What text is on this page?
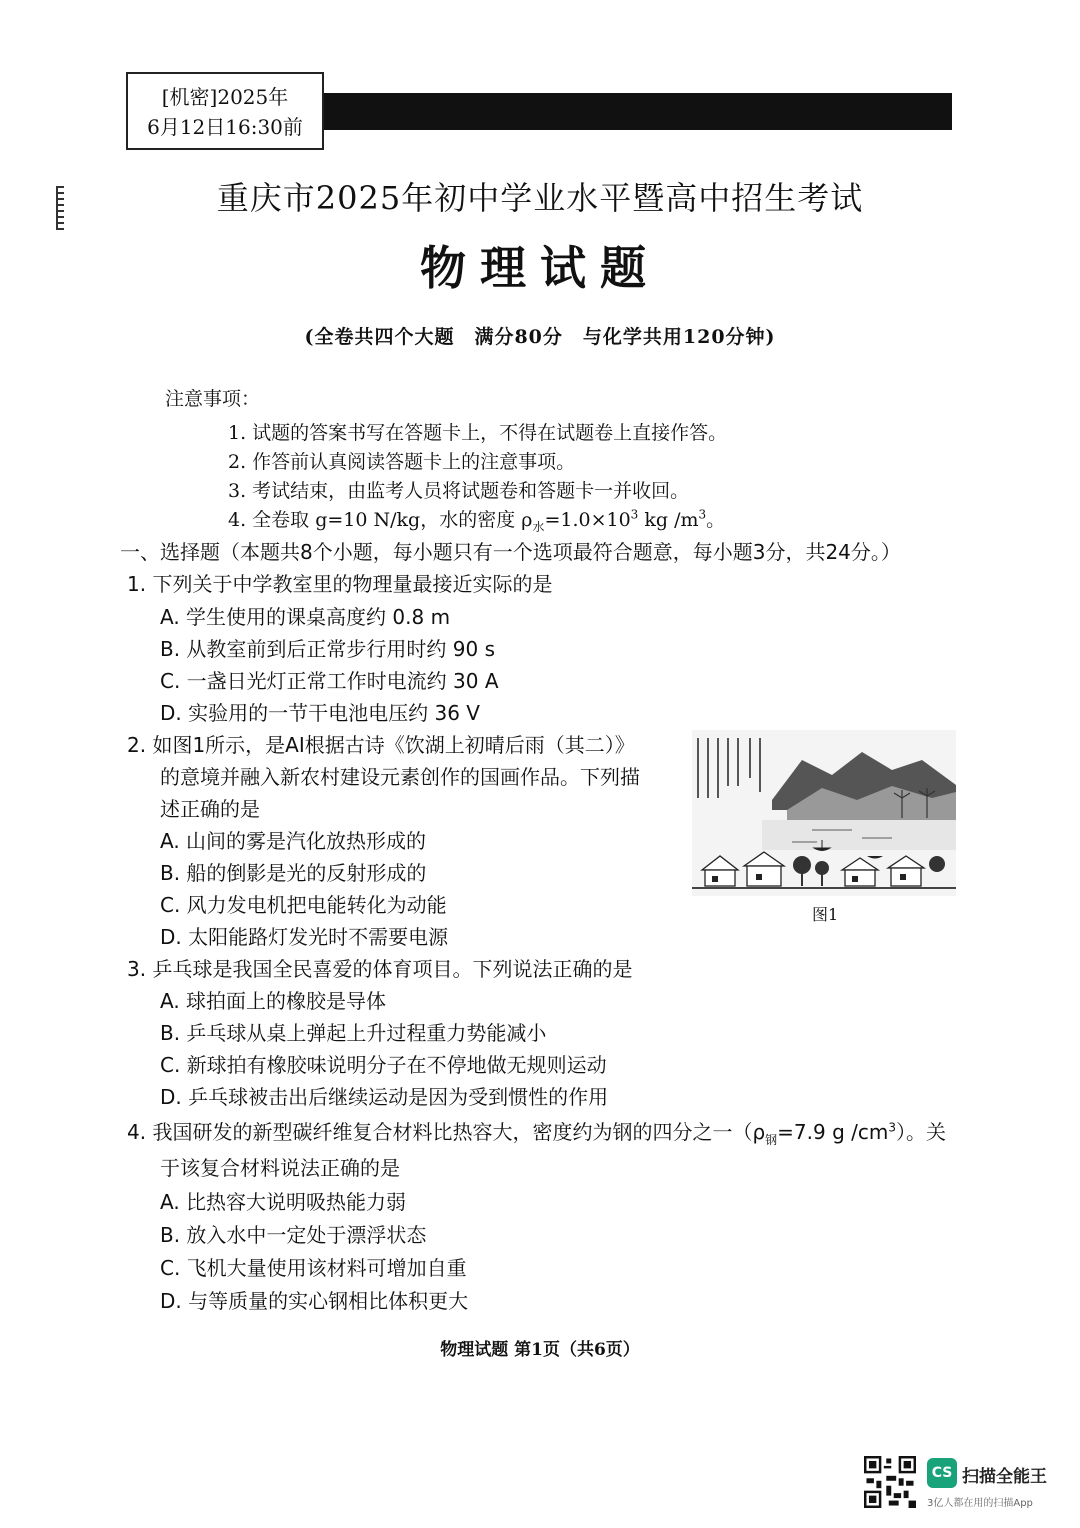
[机密]2025年
6月12日16:30前
重庆市2025年初中学业水平暨高中招生考试
物理试题
(全卷共四个大题　满分80分　与化学共用120分钟)
注意事项：
1. 试题的答案书写在答题卡上，不得在试题卷上直接作答。
2. 作答前认真阅读答题卡上的注意事项。
3. 考试结束，由监考人员将试题卷和答题卡一并收回。
4. 全卷取 g=10 N/kg，水的密度 $\rho_水=1.0\times 10^3$ kg $/m^3$。
一、选择题（本题共8个小题，每小题只有一个选项最符合题意，每小题3分，共24分。）
1. 下列关于中学教室里的物理量最接近实际的是
A. 学生使用的课桌高度约 0.8 m
B. 从教室前到后正常步行用时约 90 s
C. 一盏日光灯正常工作时电流约 30 A
D. 实验用的一节干电池电压约 36 V
2. 如图1所示，是AI根据古诗《饮湖上初晴后雨（其二）》
的意境并融入新农村建设元素创作的国画作品。下列描
述正确的是
A. 山间的雾是汽化放热形成的
B. 船的倒影是光的反射形成的
C. 风力发电机把电能转化为动能
D. 太阳能路灯发光时不需要电源
图1
3. 乒乓球是我国全民喜爱的体育项目。下列说法正确的是
A. 球拍面上的橡胶是导体
B. 乒乓球从桌上弹起上升过程重力势能减小
C. 新球拍有橡胶味说明分子在不停地做无规则运动
D. 乒乓球被击出后继续运动是因为受到惯性的作用
4. 我国研发的新型碳纤维复合材料比热容大，密度约为钢的四分之一（$\rho_钢=7.9$ g $/cm^3$）。关
于该复合材料说法正确的是
A. 比热容大说明吸热能力弱
B. 放入水中一定处于漂浮状态
C. 飞机大量使用该材料可增加自重
D. 与等质量的实心钢相比体积更大
物理试题 第1页（共6页）
CS 扫描全能王
3亿人都在用的扫描App
